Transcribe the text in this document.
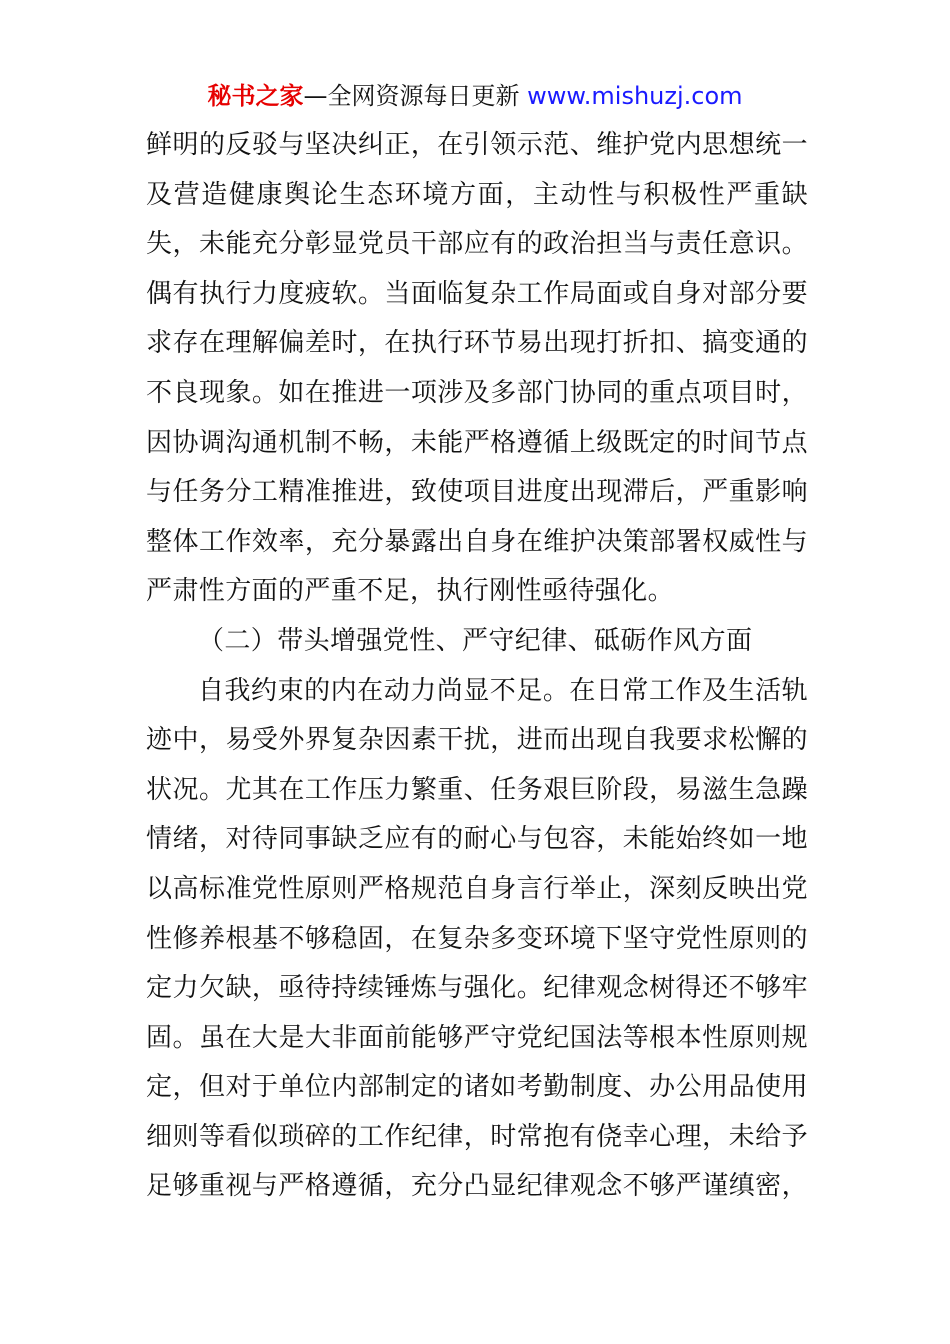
秘书之家—全网资源每日更新 www.mishuzj.com
鲜明的反驳与坚决纠正，在引领示范、维护党内思想统一
及营造健康舆论生态环境方面，主动性与积极性严重缺
失，未能充分彰显党员干部应有的政治担当与责任意识。
偶有执行力度疲软。当面临复杂工作局面或自身对部分要
求存在理解偏差时，在执行环节易出现打折扣、搞变通的
不良现象。如在推进一项涉及多部门协同的重点项目时，
因协调沟通机制不畅，未能严格遵循上级既定的时间节点
与任务分工精准推进，致使项目进度出现滞后，严重影响
整体工作效率，充分暴露出自身在维护决策部署权威性与
严肃性方面的严重不足，执行刚性亟待强化。
（二）带头增强党性、严守纪律、砥砺作风方面
自我约束的内在动力尚显不足。在日常工作及生活轨
迹中，易受外界复杂因素干扰，进而出现自我要求松懈的
状况。尤其在工作压力繁重、任务艰巨阶段，易滋生急躁
情绪，对待同事缺乏应有的耐心与包容，未能始终如一地
以高标准党性原则严格规范自身言行举止，深刻反映出党
性修养根基不够稳固，在复杂多变环境下坚守党性原则的
定力欠缺，亟待持续锤炼与强化。纪律观念树得还不够牢
固。虽在大是大非面前能够严守党纪国法等根本性原则规
定，但对于单位内部制定的诸如考勤制度、办公用品使用
细则等看似琐碎的工作纪律，时常抱有侥幸心理，未给予
足够重视与严格遵循，充分凸显纪律观念不够严谨缜密，
